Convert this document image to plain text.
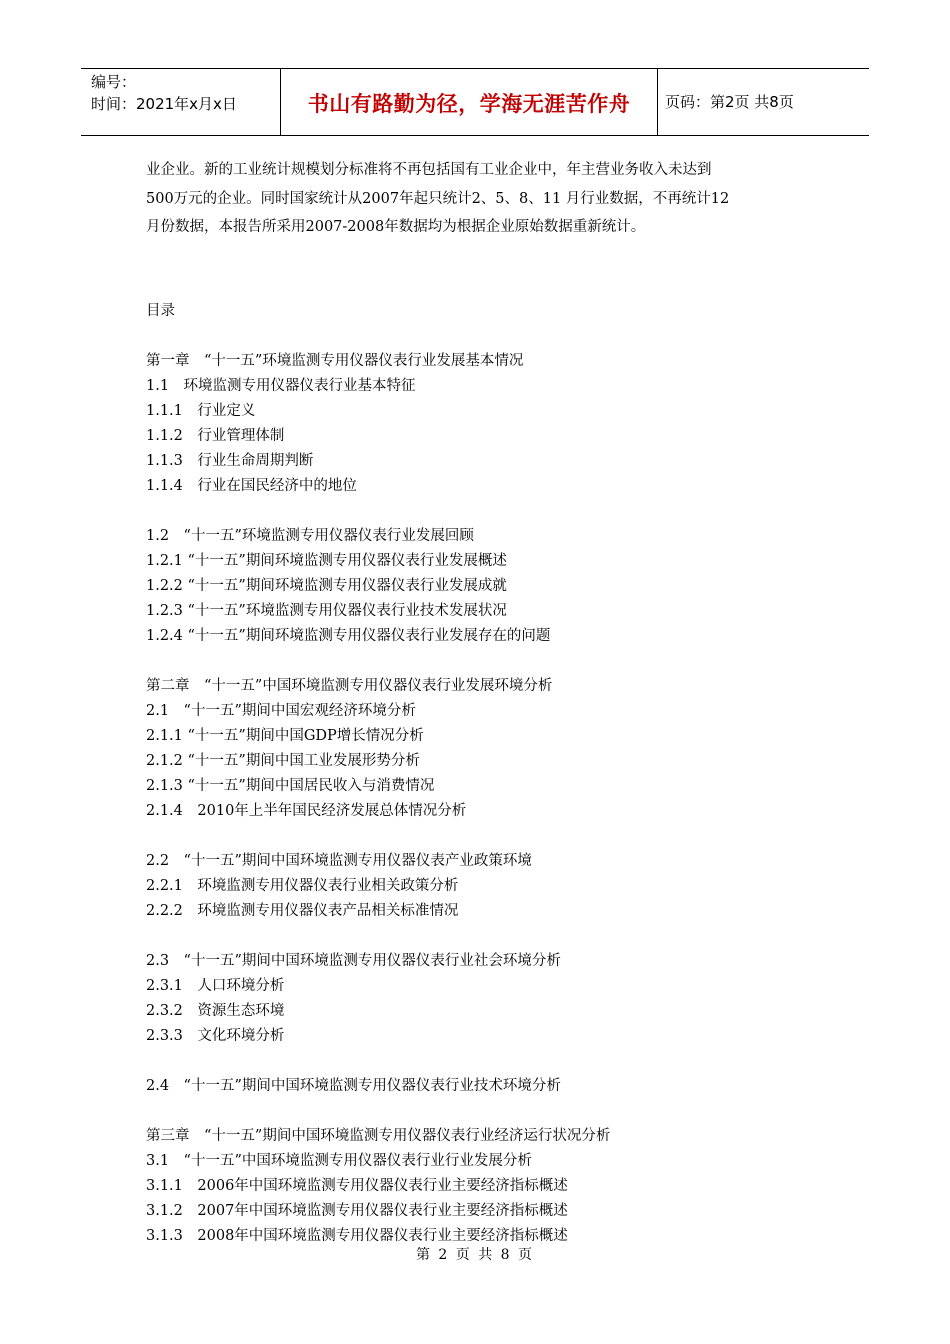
编号：
时间：2021年x月x日	书山有路勤为径，学海无涯苦作舟	页码：第2页 共8页

业企业。新的工业统计规模划分标准将不再包括国有工业企业中，年主营业务收入未达到

500万元的企业。同时国家统计从2007年起只统计2、5、8、11 月行业数据，不再统计12

月份数据，本报告所采用2007-2008年数据均为根据企业原始数据重新统计。

目录

第一章　“十一五”环境监测专用仪器仪表行业发展基本情况

1.1　环境监测专用仪器仪表行业基本特征

1.1.1　行业定义

1.1.2　行业管理体制

1.1.3　行业生命周期判断

1.1.4　行业在国民经济中的地位

1.2　“十一五”环境监测专用仪器仪表行业发展回顾

1.2.1 “十一五”期间环境监测专用仪器仪表行业发展概述

1.2.2 “十一五”期间环境监测专用仪器仪表行业发展成就

1.2.3 “十一五”环境监测专用仪器仪表行业技术发展状况

1.2.4 “十一五”期间环境监测专用仪器仪表行业发展存在的问题

第二章　“十一五”中国环境监测专用仪器仪表行业发展环境分析

2.1　“十一五”期间中国宏观经济环境分析

2.1.1 “十一五”期间中国GDP增长情况分析

2.1.2 “十一五”期间中国工业发展形势分析

2.1.3 “十一五”期间中国居民收入与消费情况

2.1.4　2010年上半年国民经济发展总体情况分析

2.2　“十一五”期间中国环境监测专用仪器仪表产业政策环境

2.2.1　环境监测专用仪器仪表行业相关政策分析

2.2.2　环境监测专用仪器仪表产品相关标准情况

2.3　“十一五”期间中国环境监测专用仪器仪表行业社会环境分析

2.3.1　人口环境分析

2.3.2　资源生态环境

2.3.3　文化环境分析

2.4　“十一五”期间中国环境监测专用仪器仪表行业技术环境分析

第三章　“十一五”期间中国环境监测专用仪器仪表行业经济运行状况分析

3.1　“十一五”中国环境监测专用仪器仪表行业行业发展分析

3.1.1　2006年中国环境监测专用仪器仪表行业主要经济指标概述

3.1.2　2007年中国环境监测专用仪器仪表行业主要经济指标概述

3.1.3　2008年中国环境监测专用仪器仪表行业主要经济指标概述

第 2 页 共 8 页
